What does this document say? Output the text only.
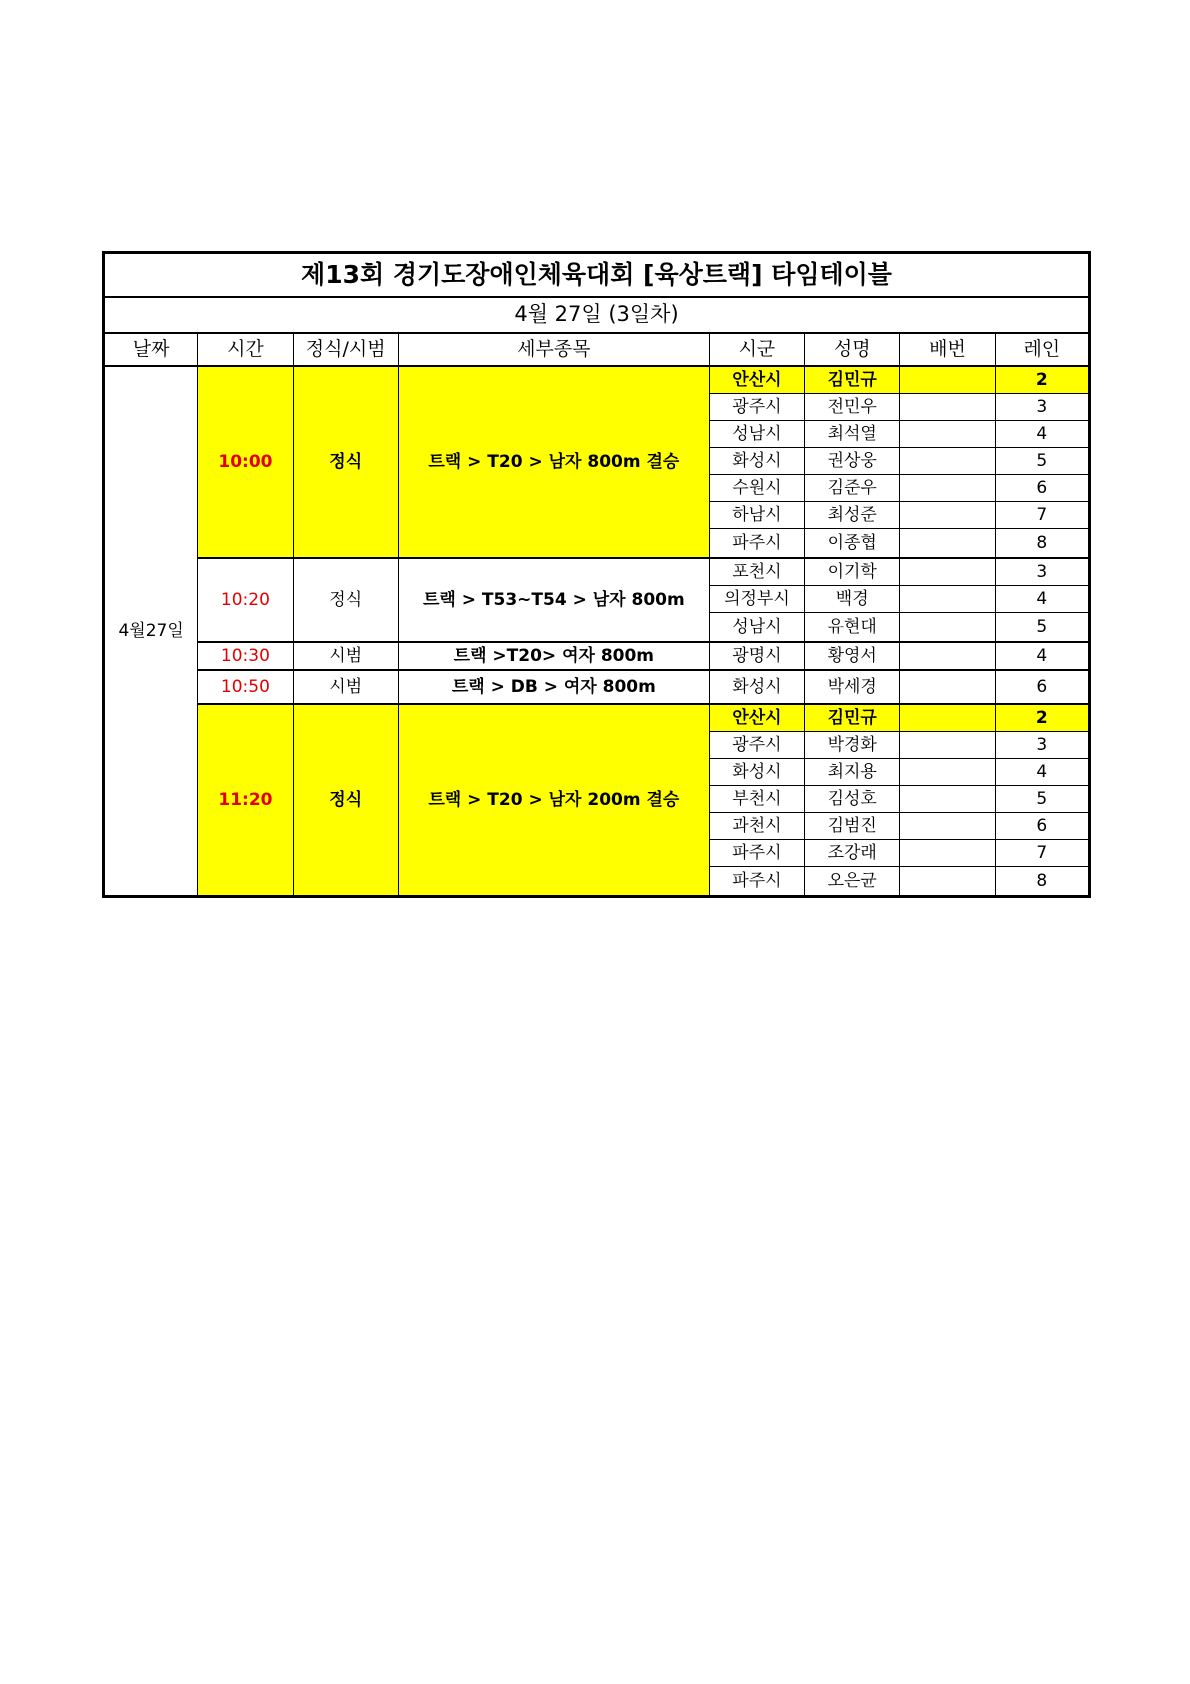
제13회 경기도장애인체육대회 [육상트랙] 타임테이블							
4월 27일 (3일차)							
날짜	시간	정식/시범	세부종목	시군	성명	배번	레인
4월27일	10:00	정식	트랙 > T20 > 남자 800m 결승	안산시	김민규		2
				광주시	전민우		3
				성남시	최석열		4
				화성시	권상웅		5
				수원시	김준우		6
				하남시	최성준		7
				파주시	이종협		8
	10:20	정식	트랙 > T53~T54 > 남자 800m	포천시	이기학		3
				의정부시	백경		4
				성남시	유현대		5
	10:30	시범	트랙 >T20> 여자 800m	광명시	황영서		4
	10:50	시범	트랙 > DB > 여자 800m	화성시	박세경		6
	11:20	정식	트랙 > T20 > 남자 200m 결승	안산시	김민규		2
				광주시	박경화		3
				화성시	최지용		4
				부천시	김성호		5
				과천시	김범진		6
				파주시	조강래		7
				파주시	오은균		8
